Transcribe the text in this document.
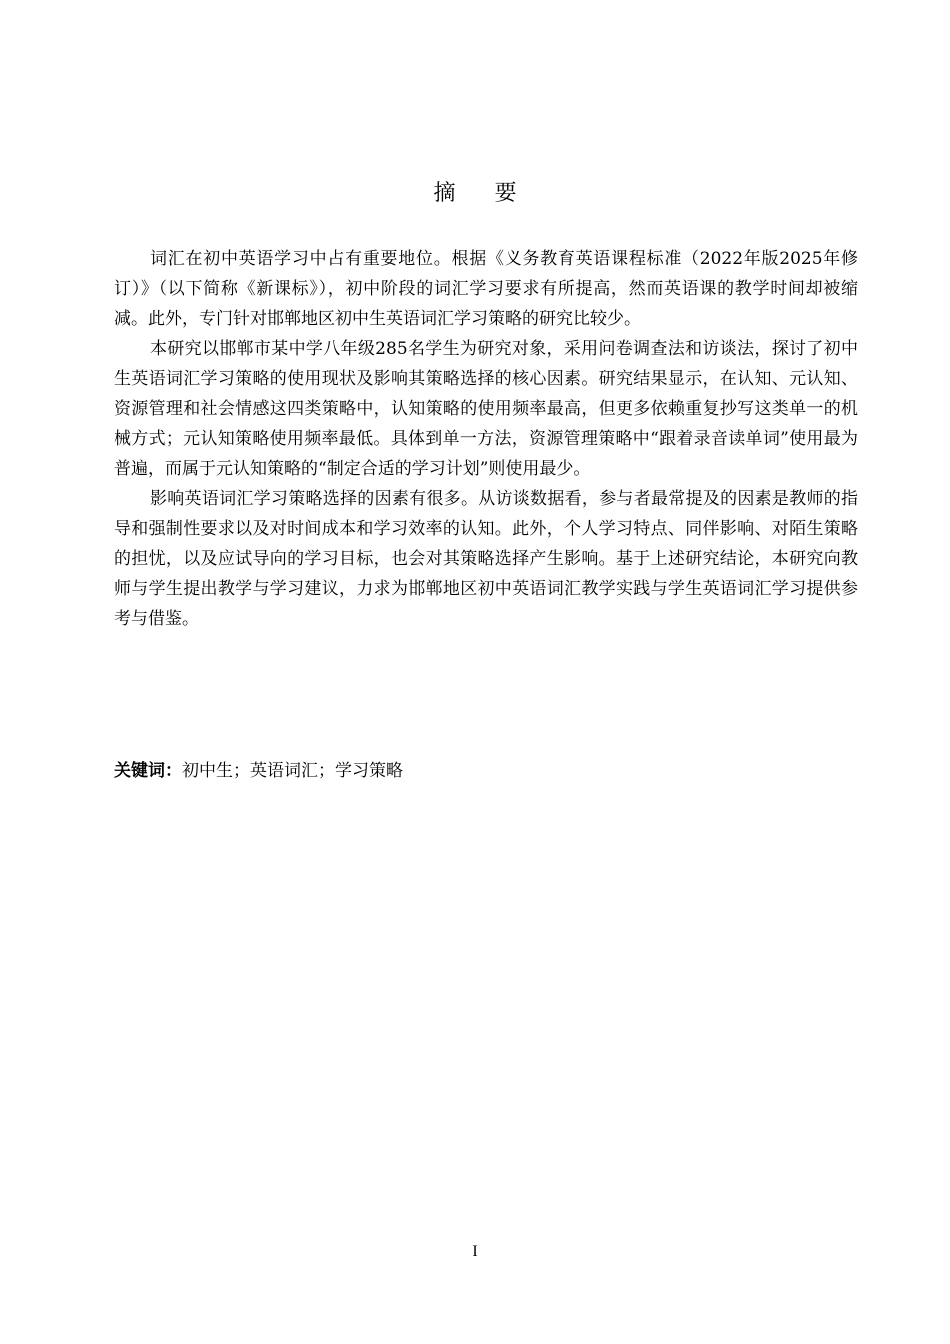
摘 要

词汇在初中英语学习中占有重要地位。根据《义务教育英语课程标准（2022年版2025年修订）》（以下简称《新课标》），初中阶段的词汇学习要求有所提高，然而英语课的教学时间却被缩减。此外，专门针对邯郸地区初中生英语词汇学习策略的研究比较少。

本研究以邯郸市某中学八年级285名学生为研究对象，采用问卷调查法和访谈法，探讨了初中生英语词汇学习策略的使用现状及影响其策略选择的核心因素。研究结果显示，在认知、元认知、资源管理和社会情感这四类策略中，认知策略的使用频率最高，但更多依赖重复抄写这类单一的机械方式；元认知策略使用频率最低。具体到单一方法，资源管理策略中“跟着录音读单词”使用最为普遍，而属于元认知策略的“制定合适的学习计划”则使用最少。

影响英语词汇学习策略选择的因素有很多。从访谈数据看，参与者最常提及的因素是教师的指导和强制性要求以及对时间成本和学习效率的认知。此外，个人学习特点、同伴影响、对陌生策略的担忧，以及应试导向的学习目标，也会对其策略选择产生影响。基于上述研究结论，本研究向教师与学生提出教学与学习建议，力求为邯郸地区初中英语词汇教学实践与学生英语词汇学习提供参考与借鉴。

关键词：初中生；英语词汇；学习策略
I
